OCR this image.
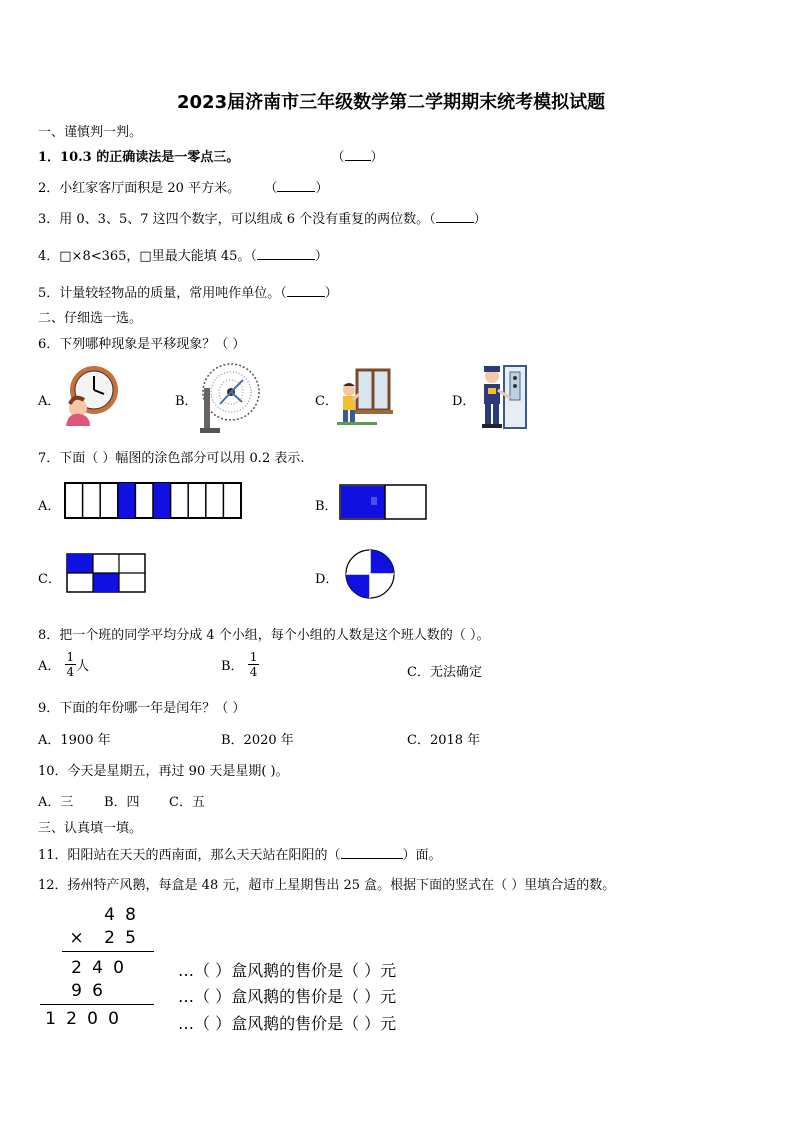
2023届济南市三年级数学第二学期期末统考模拟试题
一、谨慎判一判。
1．10.3 的正确读法是一零点三。	（ ）
2．小红家客厅面积是 20 平方米。 （	）
3．用 0、3、5、7 这四个数字，可以组成 6 个没有重复的两位数。（	）
4．□×8<365，□里最大能填 45。（	）
5．计量较轻物品的质量，常用吨作单位。（	）
二、仔细选一选。
6．下列哪种现象是平移现象？（ ）
A．	B．	C．	D．
7．下面（ ）幅图的涂色部分可以用 0.2 表示.
A．	B．
C．	D．
8．把一个班的同学平均分成 4 个小组，每个小组的人数是这个班人数的（ ）。
A． $\frac{1}{4}$ 人	B． $\frac{1}{4}$	C．无法确定
9．下面的年份哪一年是闰年？（ ）
A．1900 年	B．2020 年	C．2018 年
10．今天是星期五，再过 90 天是星期( )。
A．三 B．四 C．五
三、认真填一填。
11．阳阳站在天天的西南面，那么天天站在阳阳的（	）面。
12．扬州特产风鹅，每盒是 48 元，超市上星期售出 25 盒。根据下面的竖式在（ ）里填合适的数。
4 8
× 2 5
2 4 0	…（ ）盒风鹅的售价是（ ）元
9 6	…（ ）盒风鹅的售价是（ ）元
1 2 0 0	…（ ）盒风鹅的售价是（ ）元
